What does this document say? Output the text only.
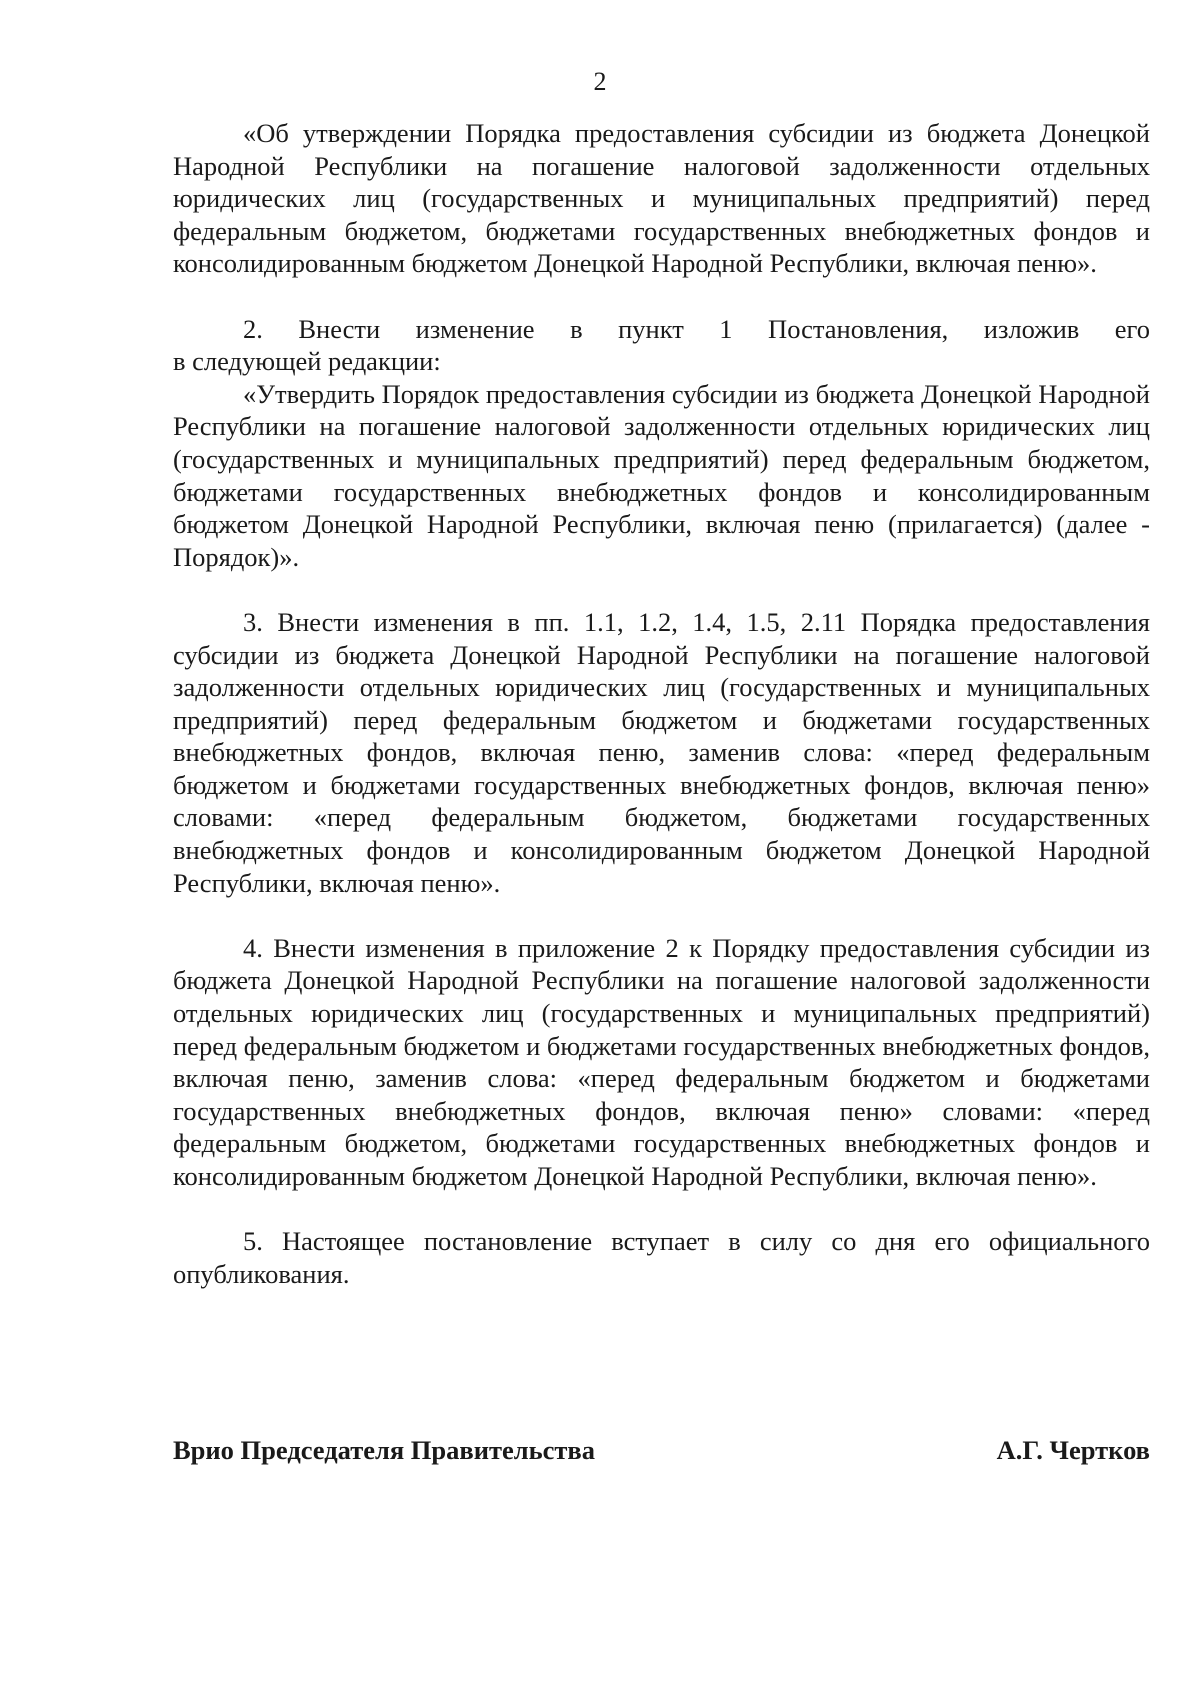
2

«Об утверждении Порядка предоставления субсидии из бюджета Донецкой Народной Республики на погашение налоговой задолженности отдельных юридических лиц (государственных и муниципальных предприятий) перед федеральным бюджетом, бюджетами государственных внебюджетных фондов и консолидированным бюджетом Донецкой Народной Республики, включая пеню».

2. Внести изменение в пункт 1 Постановления, изложив его

в следующей редакции:

«Утвердить Порядок предоставления субсидии из бюджета Донецкой Народной Республики на погашение налоговой задолженности отдельных юридических лиц (государственных и муниципальных предприятий) перед федеральным бюджетом, бюджетами государственных внебюджетных фондов и консолидированным бюджетом Донецкой Народной Республики, включая пеню (прилагается) (далее - Порядок)».

3. Внести изменения в пп. 1.1, 1.2, 1.4, 1.5, 2.11 Порядка предоставления субсидии из бюджета Донецкой Народной Республики на погашение налоговой задолженности отдельных юридических лиц (государственных и муниципальных предприятий) перед федеральным бюджетом и бюджетами государственных внебюджетных фондов, включая пеню, заменив слова: «перед федеральным бюджетом и бюджетами государственных внебюджетных фондов, включая пеню» словами: «перед федеральным бюджетом, бюджетами государственных внебюджетных фондов и консолидированным бюджетом Донецкой Народной Республики, включая пеню».

4. Внести изменения в приложение 2 к Порядку предоставления субсидии из бюджета Донецкой Народной Республики на погашение налоговой задолженности отдельных юридических лиц (государственных и муниципальных предприятий) перед федеральным бюджетом и бюджетами государственных внебюджетных фондов, включая пеню, заменив слова: «перед федеральным бюджетом и бюджетами государственных внебюджетных фондов, включая пеню» словами: «перед федеральным бюджетом, бюджетами государственных внебюджетных фондов и консолидированным бюджетом Донецкой Народной Республики, включая пеню».

5. Настоящее постановление вступает в силу со дня его официального опубликования.

Врио Председателя Правительства	А.Г. Чертков
